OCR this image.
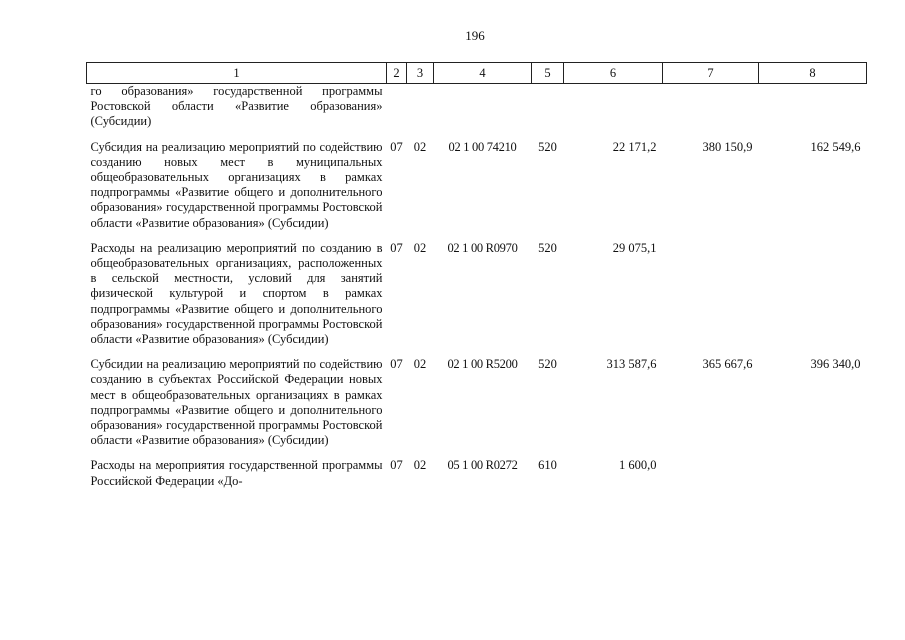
196
1	2	3	4	5	6	7	8
го образования» государственной программы Ростовской области «Развитие образования» (Субсидии)							
Субсидия на реализацию мероприятий по содействию созданию новых мест в муниципальных общеобразовательных организациях в рамках подпрограммы «Развитие общего и дополнительного образования» государственной программы Ростовской области «Развитие образования» (Субсидии)	07	02	02 1 00 74210	520	22 171,2	380 150,9	162 549,6
Расходы на реализацию мероприятий по созданию в общеобразовательных организациях, расположенных в сельской местности, условий для занятий физической культурой и спортом в рамках подпрограммы «Развитие общего и дополнительного образования» государственной программы Ростовской области «Развитие образования» (Субсидии)	07	02	02 1 00 R0970	520	29 075,1		
Субсидии на реализацию мероприятий по содействию созданию в субъектах Российской Федерации новых мест в общеобразовательных организациях в рамках подпрограммы «Развитие общего и дополнительного образования» государственной программы Ростовской области «Развитие образования» (Субсидии)	07	02	02 1 00 R5200	520	313 587,6	365 667,6	396 340,0
Расходы на мероприятия государственной программы Российской Федерации «До-	07	02	05 1 00 R0272	610	1 600,0		
